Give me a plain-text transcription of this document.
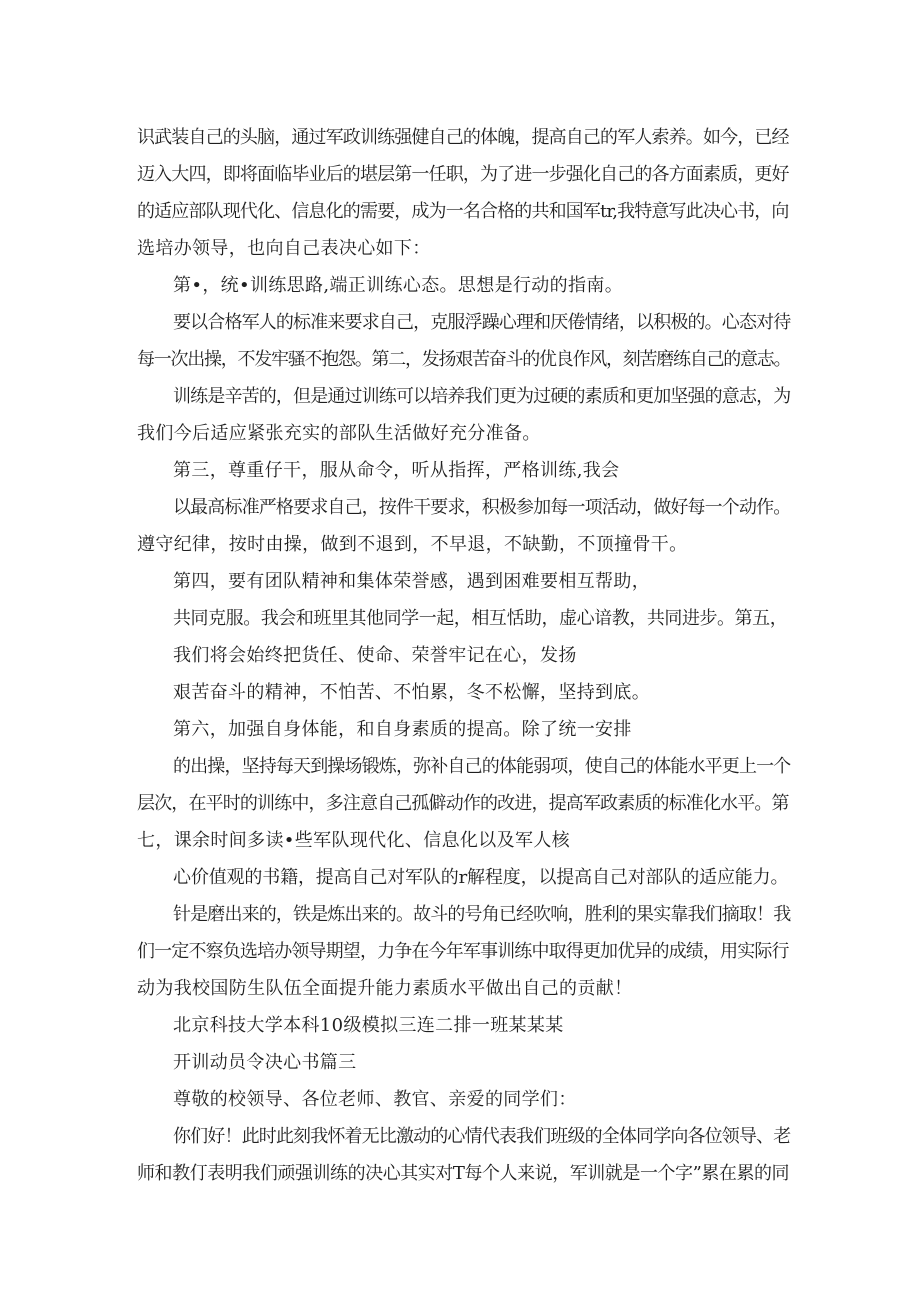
识武装自己的头脑，通过军政训练强健自己的体魄，提高自己的军人索养。如今，已经

迈入大四，即将面临毕业后的堪层第一任职，为了进一步强化自己的各方面素质，更好

的适应部队现代化、信息化的需要，成为一名合格的共和国军tr,我特意写此决心书，向

选培办领导，也向自己表决心如下：

第•，统•训练思路,端正训练心态。思想是行动的指南。

要以合格军人的标准来要求自己，克服浮躁心理和厌倦情绪，以积极的。心态对待

每一次出操，不发牢骚不抱怨。第二，发扬艰苦奋斗的优良作风，刻苦磨练自己的意志。

训练是辛苦的，但是通过训练可以培养我们更为过硬的素质和更加坚强的意志，为

我们今后适应紧张充实的部队生活做好充分准备。

第三，尊重仔干，服从命令，听从指挥，严格训练,我会

以最高标准严格要求自己，按件干要求，积极参加每一项活动，做好每一个动作。

遵守纪律，按时由操，做到不退到，不早退，不缺勤，不顶撞骨干。

第四，要有团队精神和集体荣誉感，遇到困难要相互帮助，

共同克服。我会和班里其他同学一起，相互恬助，虚心谙教，共同进步。第五，

我们将会始终把货任、使命、荣誉牢记在心，发扬

艰苦奋斗的精神，不怕苦、不怕累，冬不松懈，坚持到底。

第六，加强自身体能，和自身素质的提高。除了统一安排

的出操，坚持每天到操场锻炼，弥补自己的体能弱项，使自己的体能水平更上一个

层次，在平时的训练中，多注意自己孤僻动作的改进，提高军政素质的标准化水平。第

七，课余时间多读•些军队现代化、信息化以及军人核

心价值观的书籍，提高自己对军队的r解程度，以提高自己对部队的适应能力。

针是磨出来的，铁是炼出来的。故斗的号角已经吹响，胜利的果实靠我们摘取！我

们一定不察负选培办领导期望，力争在今年军事训练中取得更加优异的成绩，用实际行

动为我校国防生队伍全面提升能力素质水平做出自己的贡献！

北京科技大学本科10级模拟三连二排一班某某某

开训动员令决心书篇三

尊敬的校领导、各位老师、教官、亲爱的同学们：

你们好！此时此刻我怀着无比激动的心情代表我们班级的全体同学向各位领导、老

师和教仃表明我们顽强训练的决心其实对T每个人来说，军训就是一个字”累在累的同
